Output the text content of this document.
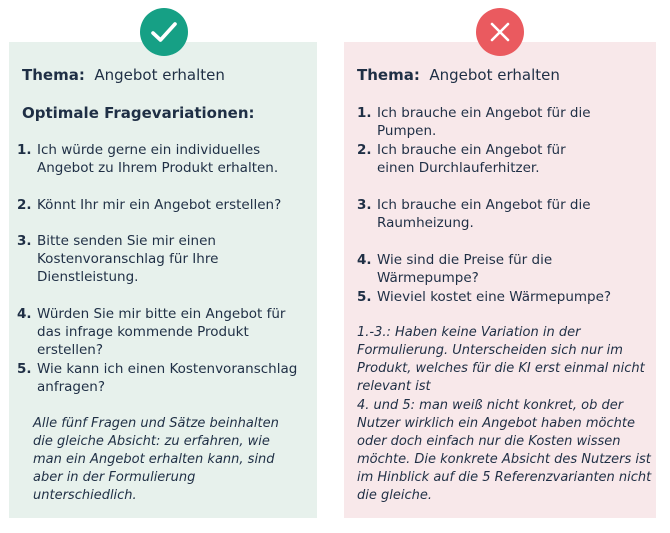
Thema: Angebot erhalten
Optimale Fragevariationen:
1. Ich würde gerne ein individuelles Angebot zu Ihrem Produkt erhalten.
2. Könnt Ihr mir ein Angebot erstellen?
3. Bitte senden Sie mir einen Kostenvoranschlag für Ihre Dienstleistung.
4. Würden Sie mir bitte ein Angebot für das infrage kommende Produkt erstellen?
5. Wie kann ich einen Kostenvoranschlag anfragen?
Alle fünf Fragen und Sätze beinhalten die gleiche Absicht: zu erfahren, wie man ein Angebot erhalten kann, sind aber in der Formulierung unterschiedlich.
Thema: Angebot erhalten
1. Ich brauche ein Angebot für die Pumpen.
2. Ich brauche ein Angebot für einen Durchlauferhitzer.
3. Ich brauche ein Angebot für die Raumheizung.
4. Wie sind die Preise für die Wärmepumpe?
5. Wieviel kostet eine Wärmepumpe?
1.-3.: Haben keine Variation in der Formulierung. Unterscheiden sich nur im Produkt, welches für die KI erst einmal nicht relevant ist
4. und 5: man weiß nicht konkret, ob der Nutzer wirklich ein Angebot haben möchte oder doch einfach nur die Kosten wissen möchte. Die konkrete Absicht des Nutzers ist im Hinblick auf die 5 Referenzvarianten nicht die gleiche.
